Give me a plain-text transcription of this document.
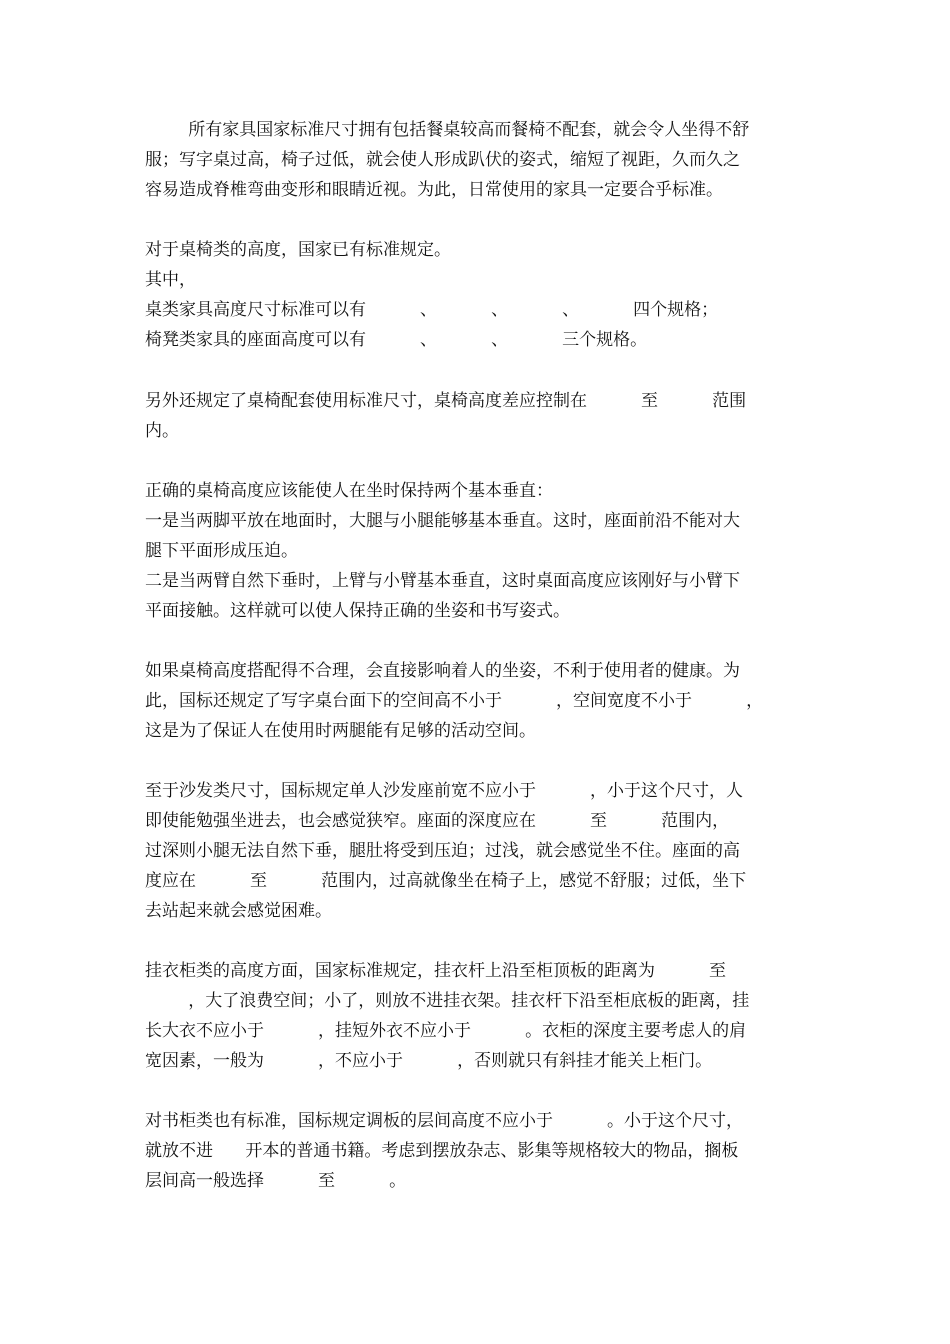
所有家具国家标准尺寸拥有包括餐桌较高而餐椅不配套，就会令人坐得不舒
服；写字桌过高，椅子过低，就会使人形成趴伏的姿式，缩短了视距，久而久之
容易造成脊椎弯曲变形和眼睛近视。为此，日常使用的家具一定要合乎标准。
对于桌椅类的高度，国家已有标准规定。
其中，
桌类家具高度尺寸标准可以有          、          、          、          四个规格；
椅凳类家具的座面高度可以有          、          、          三个规格。
另外还规定了桌椅配套使用标准尺寸，桌椅高度差应控制在          至          范围
内。
正确的桌椅高度应该能使人在坐时保持两个基本垂直：
一是当两脚平放在地面时，大腿与小腿能够基本垂直。这时，座面前沿不能对大
腿下平面形成压迫。
二是当两臂自然下垂时，上臂与小臂基本垂直，这时桌面高度应该刚好与小臂下
平面接触。这样就可以使人保持正确的坐姿和书写姿式。
如果桌椅高度搭配得不合理，会直接影响着人的坐姿，不利于使用者的健康。为
此，国标还规定了写字桌台面下的空间高不小于          ，空间宽度不小于          ，
这是为了保证人在使用时两腿能有足够的活动空间。
至于沙发类尺寸，国标规定单人沙发座前宽不应小于          ，小于这个尺寸，人
即使能勉强坐进去，也会感觉狭窄。座面的深度应在          至          范围内，
过深则小腿无法自然下垂，腿肚将受到压迫；过浅，就会感觉坐不住。座面的高
度应在          至          范围内，过高就像坐在椅子上，感觉不舒服；过低，坐下
去站起来就会感觉困难。
挂衣柜类的高度方面，国家标准规定，挂衣杆上沿至柜顶板的距离为          至
，大了浪费空间；小了，则放不进挂衣架。挂衣杆下沿至柜底板的距离，挂
长大衣不应小于          ，挂短外衣不应小于          。衣柜的深度主要考虑人的肩
宽因素，一般为          ，不应小于          ，否则就只有斜挂才能关上柜门。
对书柜类也有标准，国标规定调板的层间高度不应小于          。小于这个尺寸，
就放不进      开本的普通书籍。考虑到摆放杂志、影集等规格较大的物品，搁板
层间高一般选择          至          。
